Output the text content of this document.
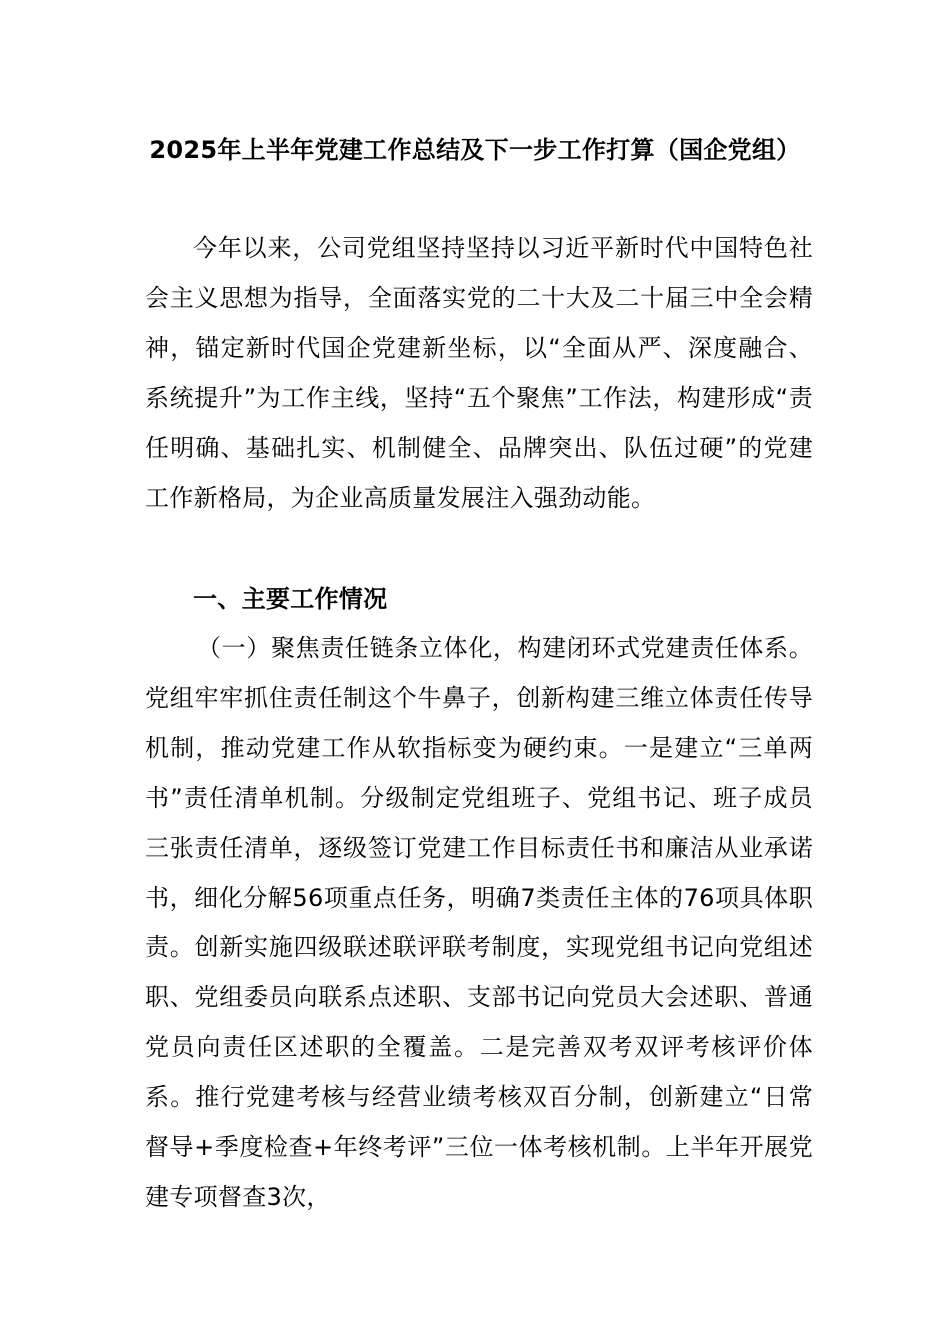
2025年上半年党建工作总结及下一步工作打算（国企党组）

今年以来，公司党组坚持坚持以习近平新时代中国特色社会主义思想为指导，全面落实党的二十大及二十届三中全会精神，锚定新时代国企党建新坐标，以“全面从严、深度融合、系统提升”为工作主线，坚持“五个聚焦”工作法，构建形成“责任明确、基础扎实、机制健全、品牌突出、队伍过硬”的党建工作新格局，为企业高质量发展注入强劲动能。

一、主要工作情况

（一）聚焦责任链条立体化，构建闭环式党建责任体系。党组牢牢抓住责任制这个牛鼻子，创新构建三维立体责任传导机制，推动党建工作从软指标变为硬约束。一是建立“三单两书”责任清单机制。分级制定党组班子、党组书记、班子成员三张责任清单，逐级签订党建工作目标责任书和廉洁从业承诺书，细化分解56项重点任务，明确7类责任主体的76项具体职责。创新实施四级联述联评联考制度，实现党组书记向党组述职、党组委员向联系点述职、支部书记向党员大会述职、普通党员向责任区述职的全覆盖。二是完善双考双评考核评价体系。推行党建考核与经营业绩考核双百分制，创新建立“日常督导+季度检查+年终考评”三位一体考核机制。上半年开展党建专项督查3次，
